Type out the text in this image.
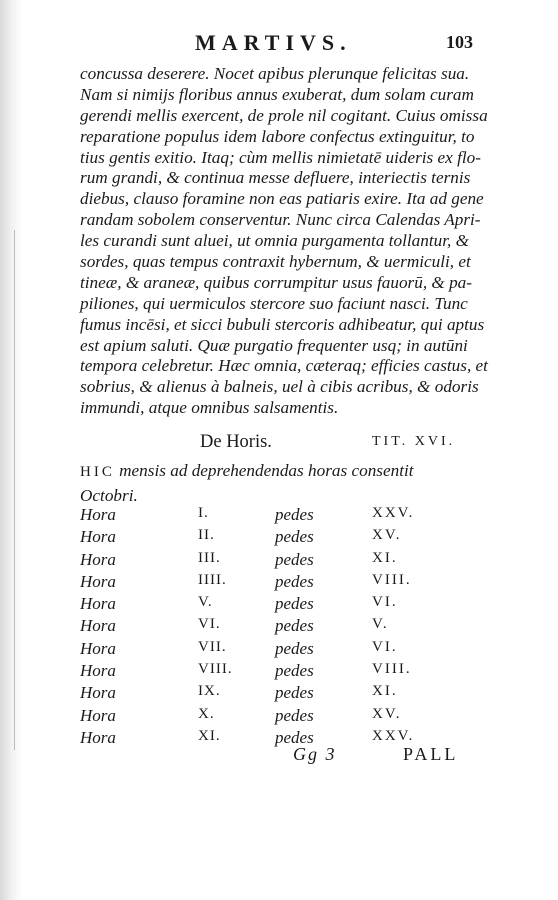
MARTIVS.	103
concussa deserere. Nocet apibus plerunque felicitas sua.
Nam si nimijs floribus annus exuberat, dum solam curam
gerendi mellis exercent, de prole nil cogitant. Cuius omissa
reparatione populus idem labore confectus extinguitur, to
tius gentis exitio. Itaq; cùm mellis nimietatē uideris ex flo-
rum grandi, & continua messe defluere, interiectis ternis
diebus, clauso foramine non eas patiaris exire. Ita ad gene
randam sobolem conserventur. Nunc circa Calendas Apri-
les curandi sunt aluei, ut omnia purgamenta tollantur, &
sordes, quas tempus contraxit hybernum, & uermiculi, et
tineæ, & araneæ, quibus corrumpitur usus fauorū, & pa-
piliones, qui uermiculos stercore suo faciunt nasci. Tunc
fumus incēsi, et sicci bubuli stercoris adhibeatur, qui aptus
est apium saluti. Quæ purgatio frequenter usq; in autūni
tempora celebretur. Hæc omnia, cæteraq; efficies castus, et
sobrius, & alienus à balneis, uel à cibis acribus, & odoris
immundi, atque omnibus salsamentis.
De Horis.	TIT. XVI.
HIC mensis ad deprehendendas horas consentit
Octobri.
Hora	I.	pedes	XXV.
Hora	II.	pedes	XV.
Hora	III.	pedes	XI.
Hora	IIII.	pedes	VIII.
Hora	V.	pedes	VI.
Hora	VI.	pedes	V.
Hora	VII.	pedes	VI.
Hora	VIII. pedes	VIII.
Hora	IX.	pedes	XI.
Hora	X.	pedes	XV.
Hora	XI.	pedes	XXV.
Gg 3	PALL
